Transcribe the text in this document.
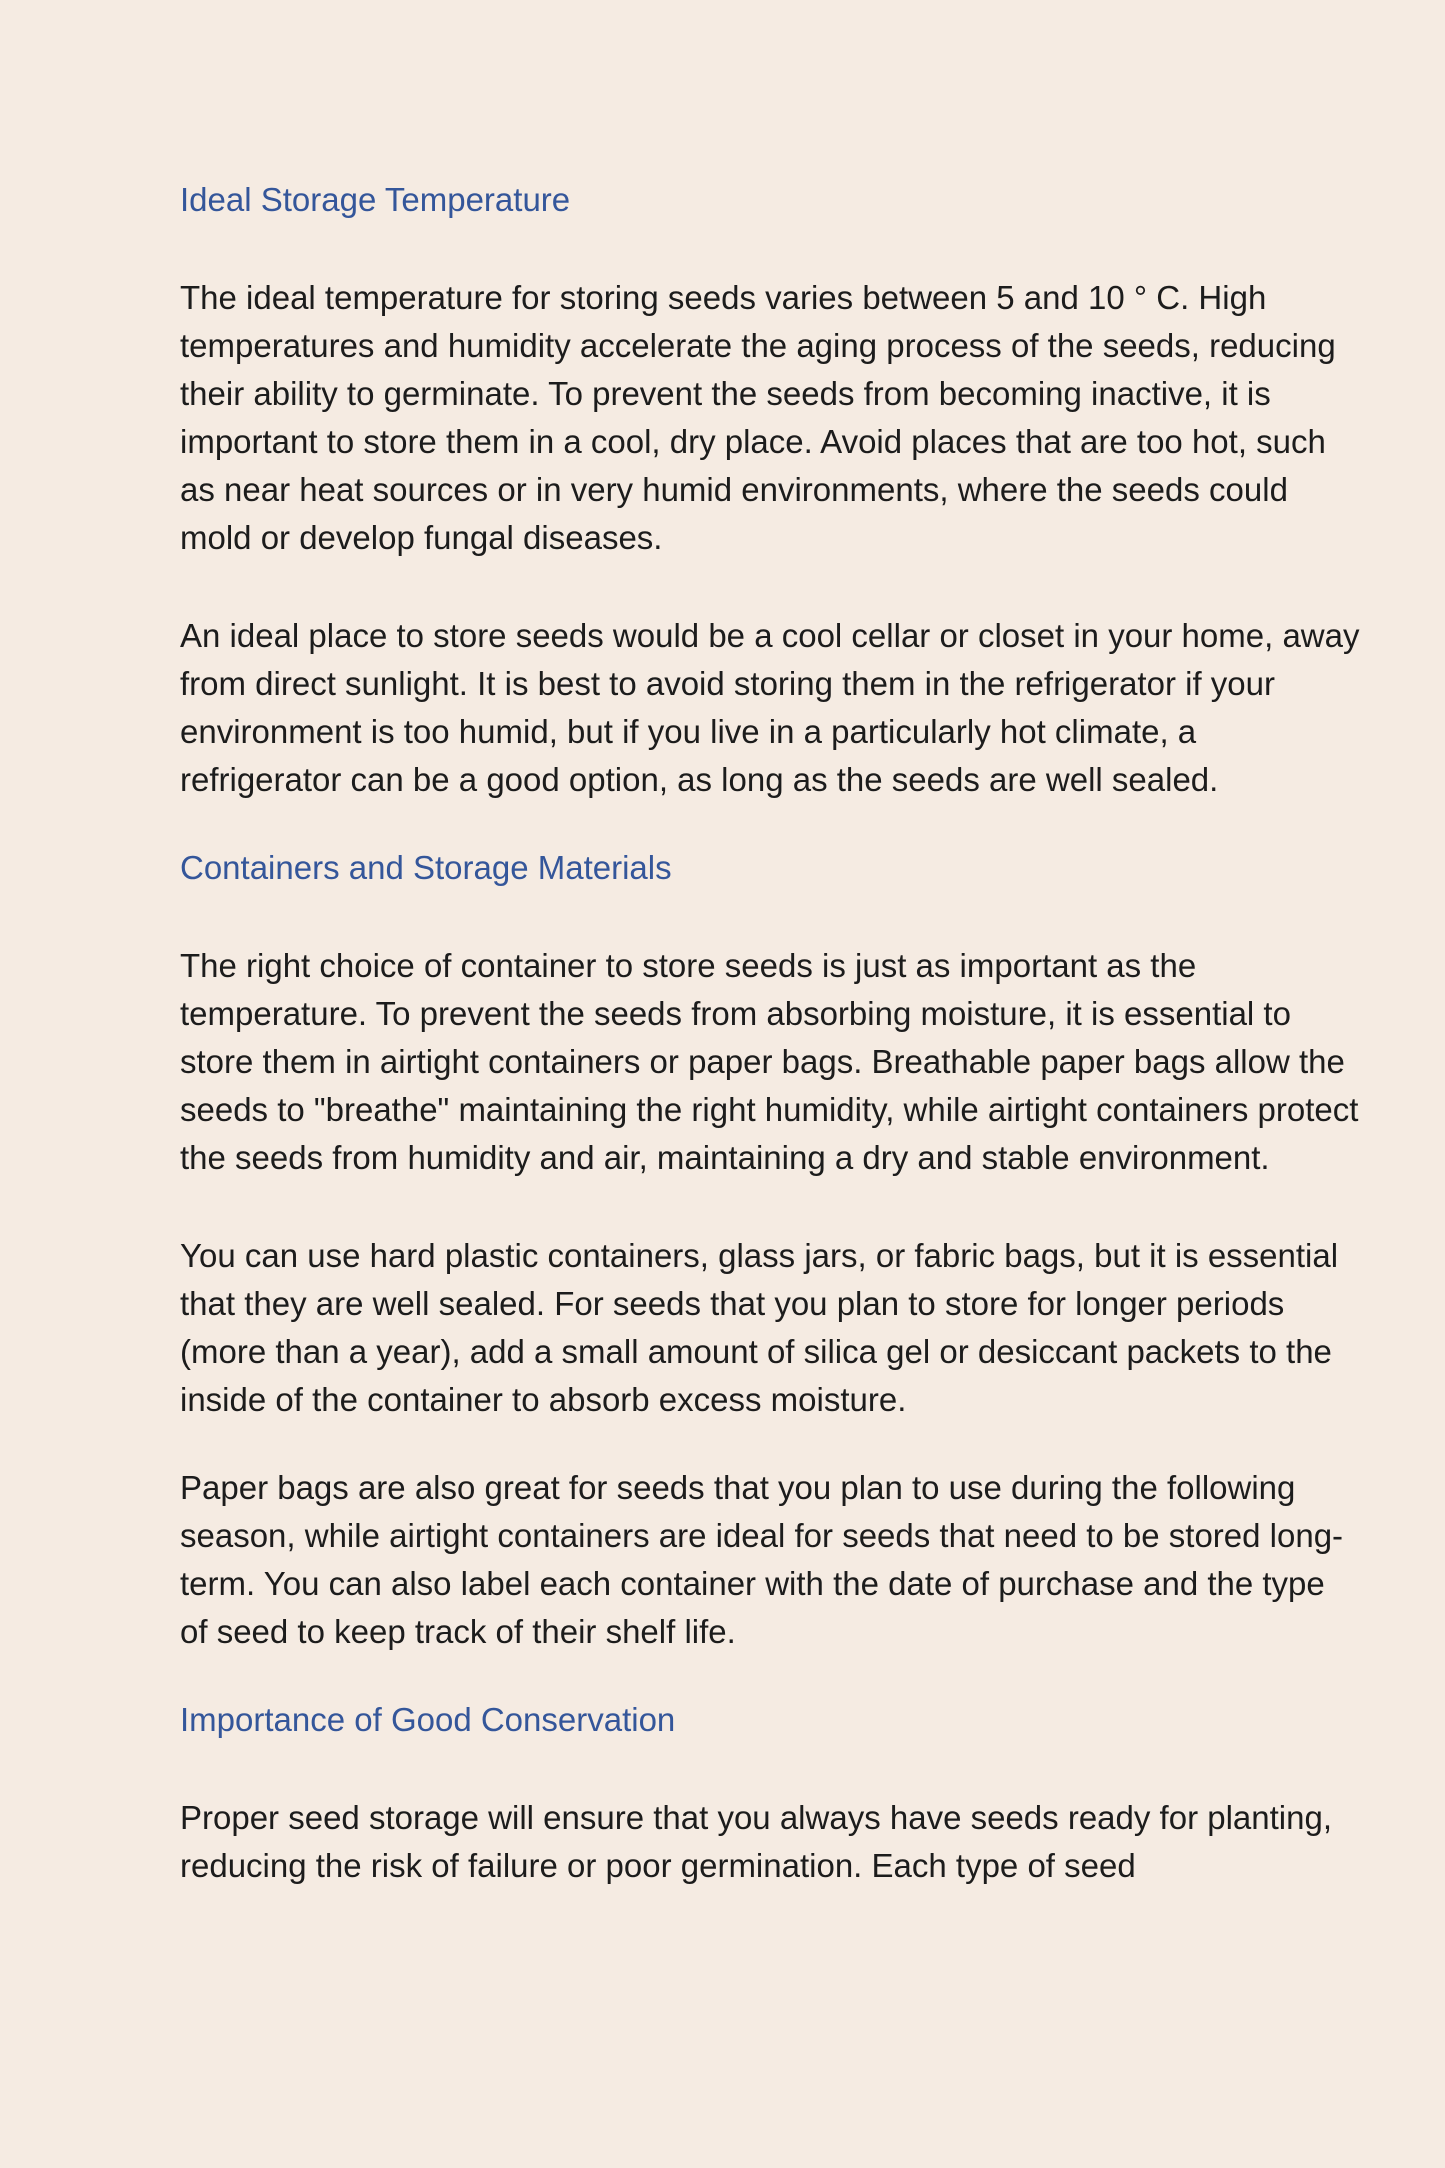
Ideal Storage Temperature

The ideal temperature for storing seeds varies between 5 and 10 ° C. High temperatures and humidity accelerate the aging process of the seeds, reducing their ability to germinate. To prevent the seeds from becoming inactive, it is important to store them in a cool, dry place. Avoid places that are too hot, such as near heat sources or in very humid environments, where the seeds could mold or develop fungal diseases.

An ideal place to store seeds would be a cool cellar or closet in your home, away from direct sunlight. It is best to avoid storing them in the refrigerator if your environment is too humid, but if you live in a particularly hot climate, a refrigerator can be a good option, as long as the seeds are well sealed.

Containers and Storage Materials

The right choice of container to store seeds is just as important as the temperature. To prevent the seeds from absorbing moisture, it is essential to store them in airtight containers or paper bags. Breathable paper bags allow the seeds to "breathe" maintaining the right humidity, while airtight containers protect the seeds from humidity and air, maintaining a dry and stable environment.

You can use hard plastic containers, glass jars, or fabric bags, but it is essential that they are well sealed. For seeds that you plan to store for longer periods (more than a year), add a small amount of silica gel or desiccant packets to the inside of the container to absorb excess moisture.

Paper bags are also great for seeds that you plan to use during the following season, while airtight containers are ideal for seeds that need to be stored long-term. You can also label each container with the date of purchase and the type of seed to keep track of their shelf life.

Importance of Good Conservation

Proper seed storage will ensure that you always have seeds ready for planting, reducing the risk of failure or poor germination. Each type of seed
